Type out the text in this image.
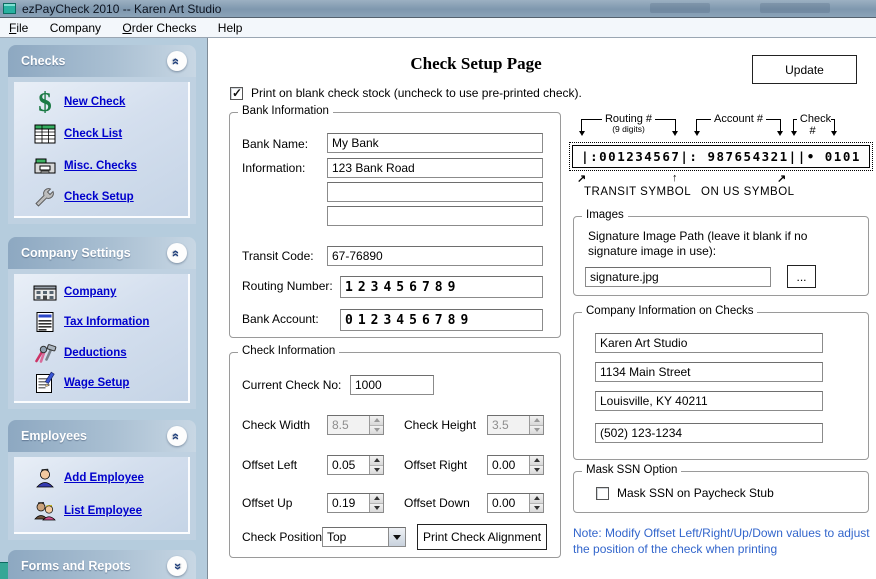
ezPayCheck 2010 -- Karen Art Studio
File Company Order Checks Help
Checks	«
$ New Check
Check List
Misc. Checks
Check Setup
Company Settings	«
Company
Tax Information
Deductions
Wage Setup
Employees	«
Add Employee
List Employee
Forms and Repots	«
Check Setup Page	Update
✓
Print on blank check stock (uncheck to use pre-printed check).
Bank Information
Bank Name:	My Bank
Information:	123 Bank Road
Transit Code:	67-76890
Routing Number: 123456789
Bank Account:	0123456789
Check Information
Current Check No:	1000
Check Width	8.5	Check Height	3.5
Offset Left	0.05	Offset Right	0.00
Offset Up	0.19	Offset Down	0.00
Check Position Top	Print Check Alignment
Routing #
(9 digits)
Account #	Check #
|:001234567|: 987654321||• 0101
↗	↑	↗
TRANSIT SYMBOL ON US SYMBOL
Images
Signature Image Path (leave it blank if no signature image in use):
signature.jpg	...
Company Information on Checks
Karen Art Studio
1134 Main Street
Louisville, KY 40211
(502) 123-1234
Mask SSN Option
Mask SSN on Paycheck Stub
Note: Modify Offset Left/Right/Up/Down values to adjust the position of the check when printing
